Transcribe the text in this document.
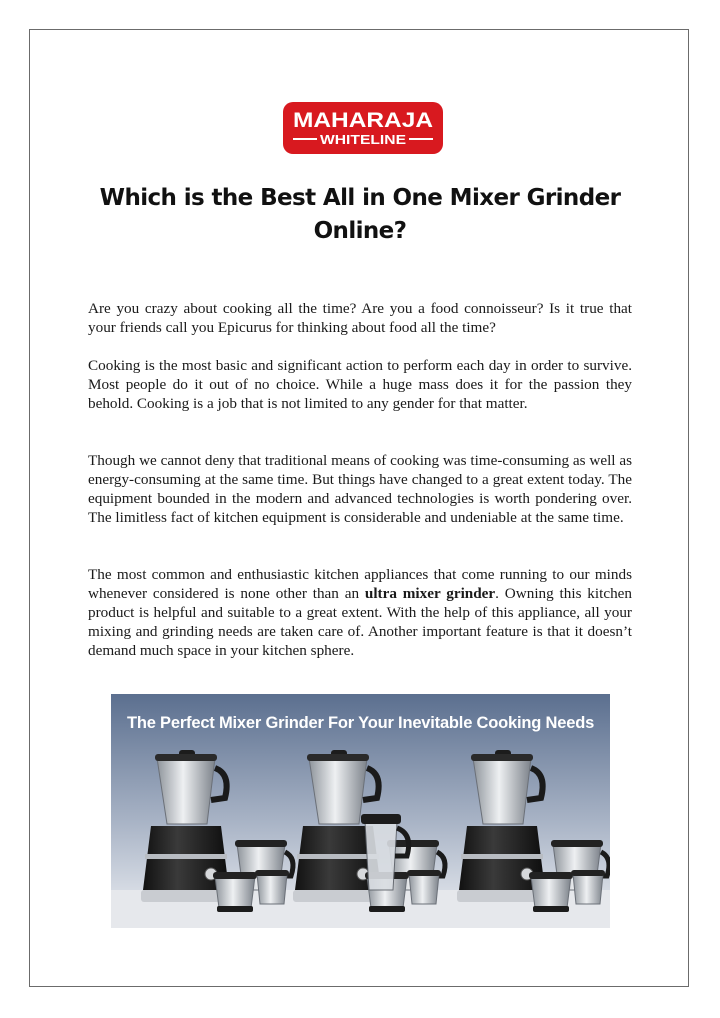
MAHARAJA
WHITELINE
Which is the Best All in One Mixer Grinder Online?

Are you crazy about cooking all the time? Are you a food connoisseur? Is it true that your friends call you Epicurus for thinking about food all the time?

Cooking is the most basic and significant action to perform each day in order to survive. Most people do it out of no choice. While a huge mass does it for the passion they behold. Cooking is a job that is not limited to any gender for that matter.

Though we cannot deny that traditional means of cooking was time-consuming as well as energy-consuming at the same time. But things have changed to a great extent today. The equipment bounded in the modern and advanced technologies is worth pondering over. The limitless fact of kitchen equipment is considerable and undeniable at the same time.

The most common and enthusiastic kitchen appliances that come running to our minds whenever considered is none other than an ultra mixer grinder. Owning this kitchen product is helpful and suitable to a great extent. With the help of this appliance, all your mixing and grinding needs are taken care of. Another important feature is that it doesn’t demand much space in your kitchen sphere.

The Perfect Mixer Grinder For Your Inevitable Cooking Needs
